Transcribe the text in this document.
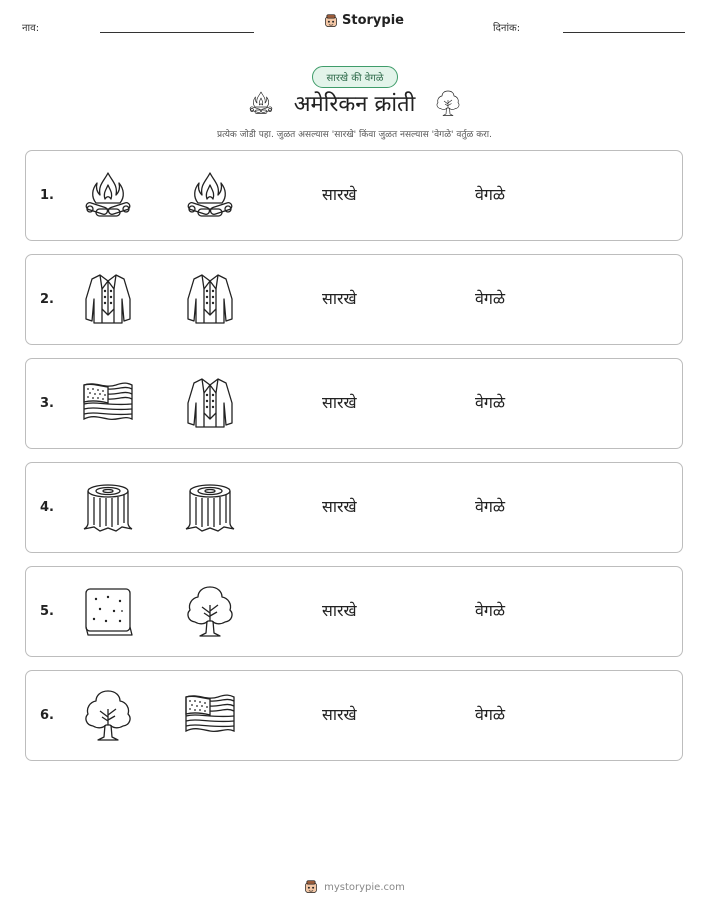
नाव:
Storypie
दिनांक:
सारखे की वेगळे
अमेरिकन क्रांती
प्रत्येक जोडी पहा. जुळत असल्यास 'सारखे' किंवा जुळत नसल्यास 'वेगळे' वर्तुळ करा.
1.	सारखे	वेगळे
2.	सारखे	वेगळे
3.	सारखे	वेगळे
4.	सारखे	वेगळे
5.	सारखे	वेगळे
6.	सारखे	वेगळे
mystorypie.com
